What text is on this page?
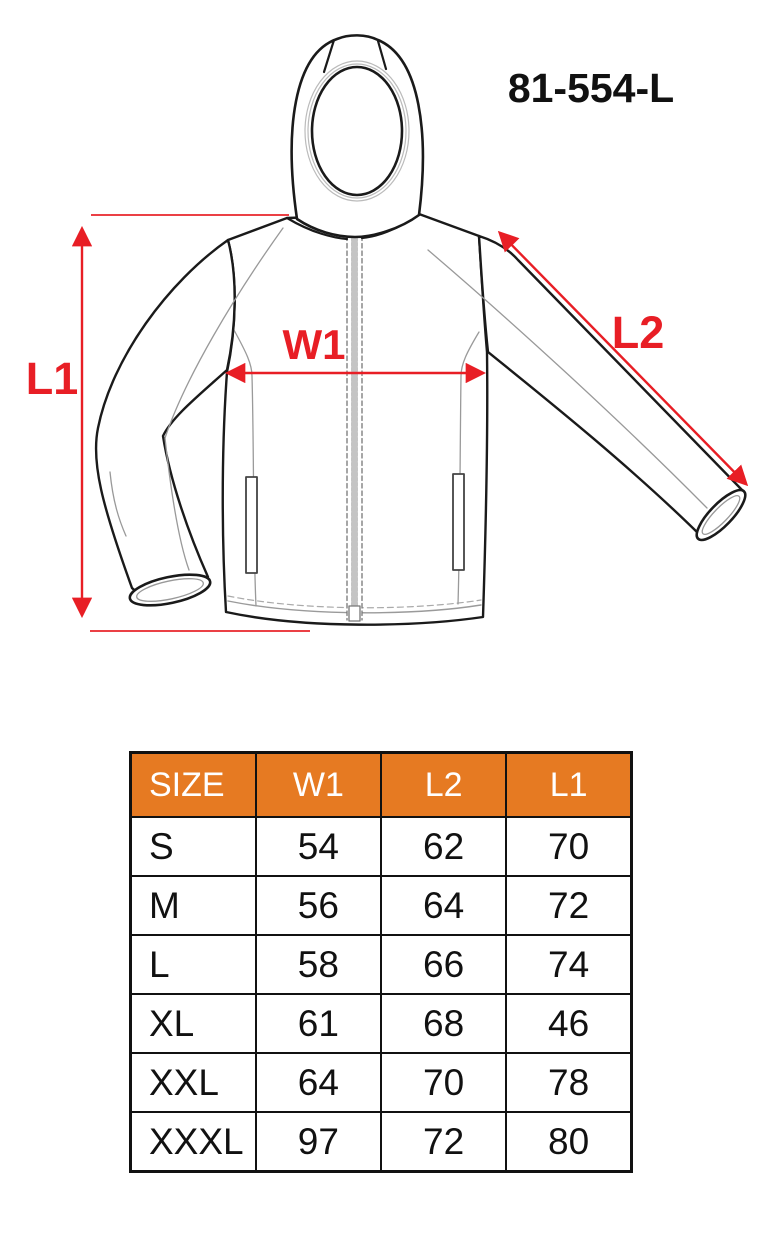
81-554-L
L1
W1	L2
SIZE	W1	L2	L1
S	54	62	70
M	56	64	72
L	58	66	74
XL	61	68	46
XXL	64	70	78
XXXL	97	72	80
